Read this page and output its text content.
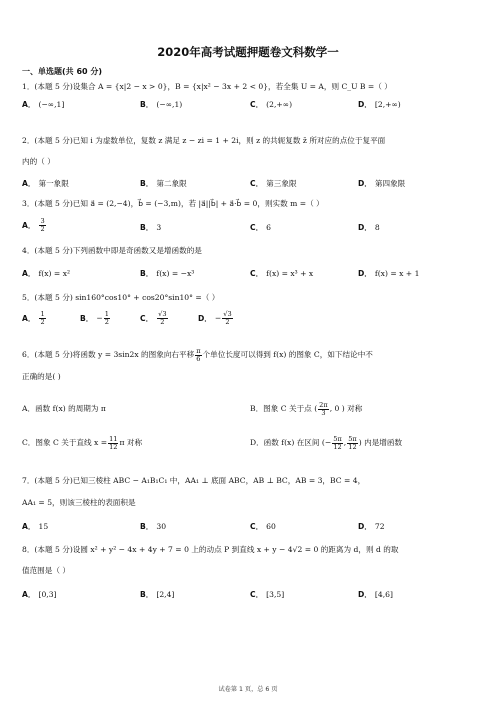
2020年高考试题押题卷文科数学一
一、单选题(共 60 分)
1．(本题 5 分)设集合 A = {x|2 − x > 0}，B = {x|x² − 3x + 2 < 0}，若全集 U = A，则 C_U B =（ ）
A． (−∞,1]	B． (−∞,1)	C． (2,+∞)	D． [2,+∞)
2．(本题 5 分)已知 i 为虚数单位，复数 z 满足 z − zi = 1 + 2i，则 z 的共轭复数 z̄ 所对应的点位于复平面
内的（ ）
A． 第一象限	B． 第二象限	C． 第三象限	D． 第四象限
3．(本题 5 分)已知 a⃗ = (2,−4)，b⃗ = (−3,m)，若 |a⃗||b⃗| + a⃗·b⃗ = 0，则实数 m =（ ）
A． $\frac{3}{2}$	B． 3	C． 6	D． 8
4．(本题 5 分)下列函数中即是奇函数又是增函数的是
A． f(x) = x²	B． f(x) = −x³	C． f(x) = x³ + x	D． f(x) = x + 1
5．(本题 5 分) sin160°cos10° + cos20°sin10° =（ ）
A． $\frac{1}{2}$	B． − $\frac{1}{2}$	C． $\frac{√3}{2}$	D． − $\frac{√3}{2}$
6．(本题 5 分)将函数 y = 3sin2x 的图象向右平移 $\frac{\pi}{6}$ 个单位长度可以得到 f(x) 的图象 C，如下结论中不
正确的是( )
A．函数 f(x) 的周期为 π	B．图象 C 关于点 ( $\frac{2\pi}{3}$ , 0 ) 对称
C．图象 C 关于直线 $x = \frac{11}{12}$ π 对称	D．函数 f(x) 在区间 (− $\frac{5\pi}{12}$ , $\frac{5\pi}{12}$ ) 内是增函数
7．(本题 5 分)已知三棱柱 ABC − A₁B₁C₁ 中，AA₁ ⊥ 底面 ABC，AB ⊥ BC，AB = 3，BC = 4，
AA₁ = 5，则该三棱柱的表面积是
A． 15	B． 30	C． 60	D． 72
8．(本题 5 分)设圆 x² + y² − 4x + 4y + 7 = 0 上的动点 P 到直线 x + y − 4√2 = 0 的距离为 d，则 d 的取
值范围是（ ）
A． [0,3]	B． [2,4]	C． [3,5]	D． [4,6]
试卷第 1 页，总 6 页
